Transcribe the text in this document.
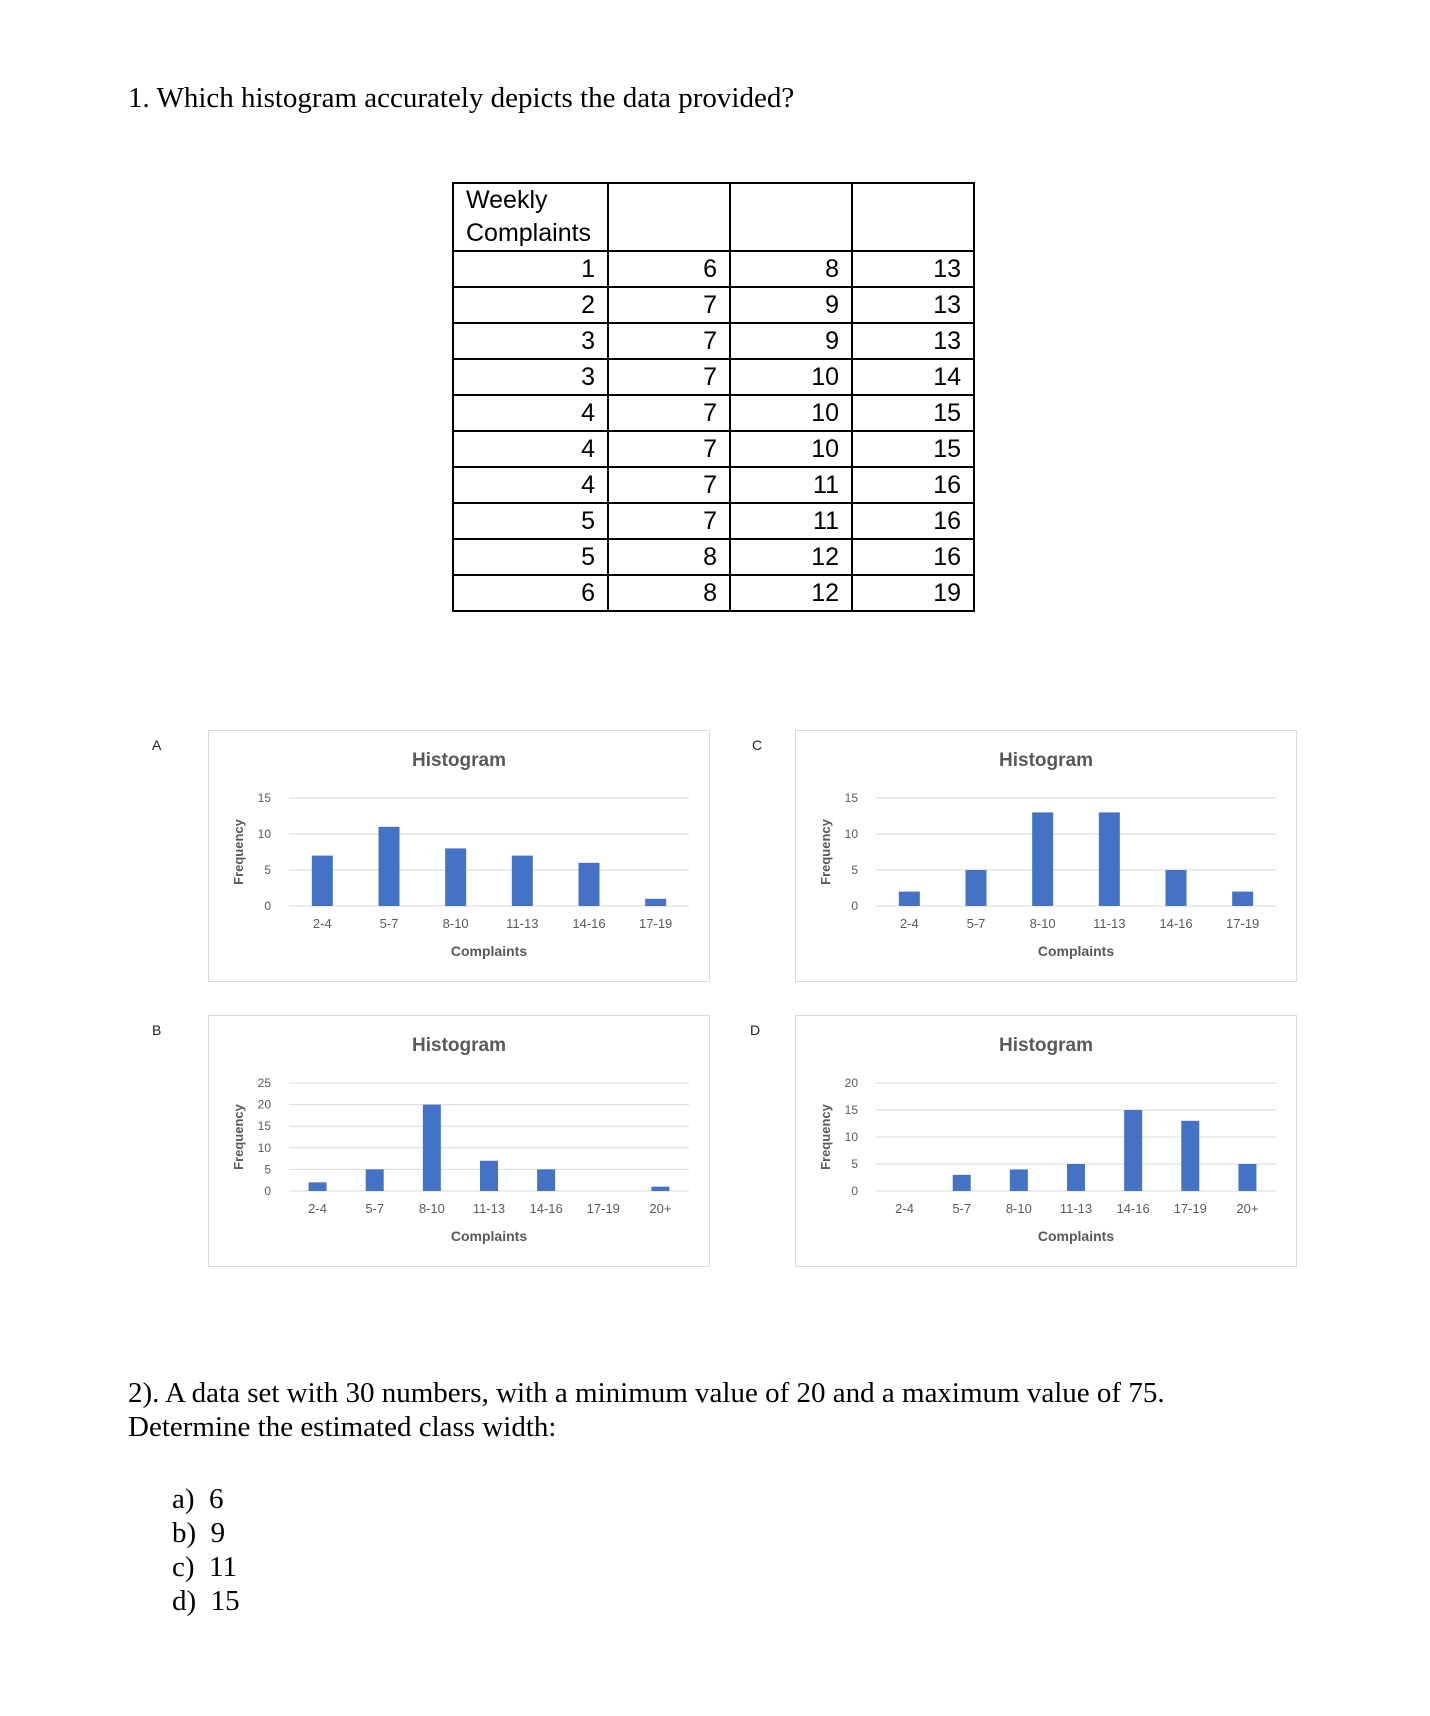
1. Which histogram accurately depicts the data provided?
Weekly
Complaints			
1	6	8	13
2	7	9	13
3	7	9	13
3	7	10	14
4	7	10	15
4	7	10	15
4	7	11	16
5	7	11	16
5	8	12	16
6	8	12	19
A	C
B	D
Histogram
Frequency
0
5
10
15
2-4	5-7	8-10	11-13	14-16	17-19
Complaints
Histogram
Frequency
0
5
10
15
20
25
2-4	5-7	8-10 11-13 14-16 17-19 20+
Complaints
Histogram
Frequency
0
5
10
15
2-4	5-7	8-10	11-13	14-16	17-19
Complaints
Histogram
Frequency
0
5
10
15
20
2-4	5-7	8-10 11-13 14-16 17-19 20+
Complaints
2). A data set with 30 numbers, with a minimum value of 20 and a maximum value of 75.
Determine the estimated class width:
a)  6
b)  9
c)  11
d)  15
